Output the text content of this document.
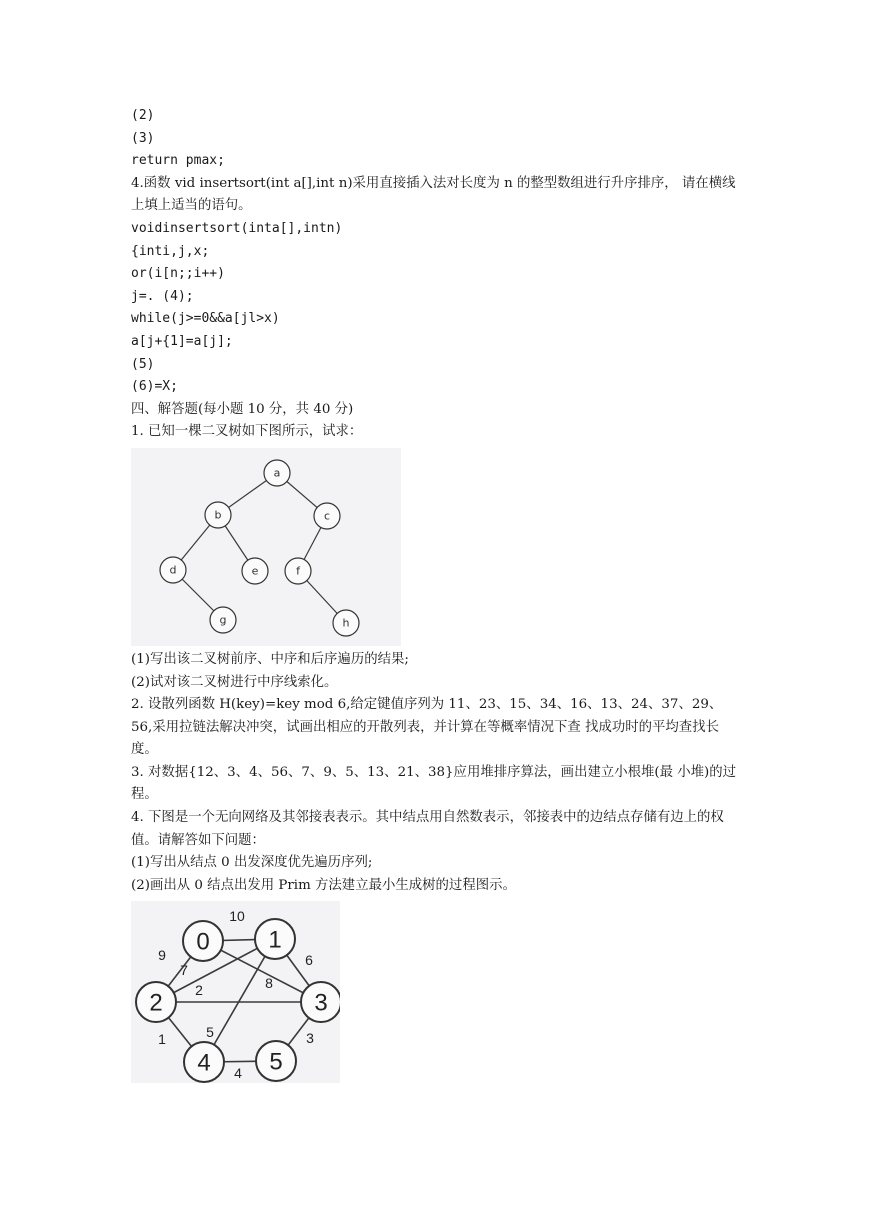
(2)
(3)
return pmax;
4.函数 vid insertsort(int a[],int n)采用直接插入法对长度为 n 的整型数组进行升序排序， 请在横线上填上适当的语句。
voidinsertsort(inta[],intn)
{inti,j,x;
or(i[n;;i++)
j=. (4);
while(j>=0&&a[jl>x)
a[j+{1]=a[j];
(5)
(6)=X;
四、解答题(每小题 10 分，共 40 分)
1. 已知一棵二叉树如下图所示，试求：
a
b	c
d	e	f
g	h
(1)写出该二叉树前序、中序和后序遍历的结果;
(2)试对该二叉树进行中序线索化。
2. 设散列函数 H(key)=key mod 6,给定键值序列为 11、23、15、34、16、13、24、37、29、56,采用拉链法解决冲突，试画出相应的开散列表，并计算在等概率情况下查 找成功时的平均查找长度。
3. 对数据{12、3、4、56、7、9、5、13、21、38}应用堆排序算法，画出建立小根堆(最 小堆)的过程。
4. 下图是一个无向网络及其邻接表表示。其中结点用自然数表示，邻接表中的边结点存储有边上的权值。请解答如下问题：
(1)写出从结点 0 出发深度优先遍历序列;
(2)画出从 0 结点出发用 Prim 方法建立最小生成树的过程图示。
0 1
2	3
4 5
10
9
7
6
8
2
5
1	3
4
